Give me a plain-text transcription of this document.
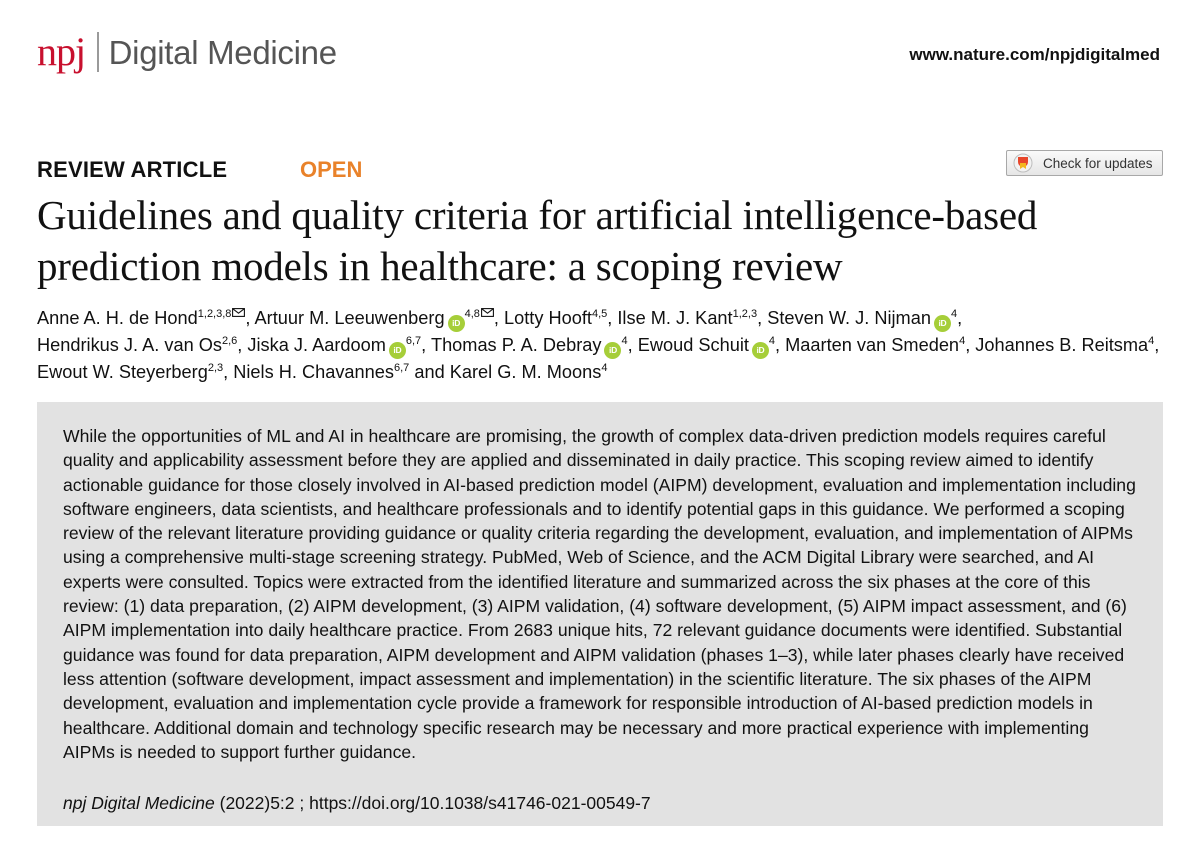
npj Digital Medicine	www.nature.com/npjdigitalmed
REVIEW ARTICLE	OPEN	Check for updates
Guidelines and quality criteria for artificial intelligence-based
prediction models in healthcare: a scoping review
Anne A. H. de Hond$^{1,2,3,8}$ , Artuur M. Leeuwenberg iD$^{4,8}$ , Lotty Hooft$^{4,5}$, Ilse M. J. Kant$^{1,2,3}$, Steven W. J. Nijman $iD^4$, Hendrikus J. A. van Os$^{2,6}$, Jiska J. Aardoom iD$^{6,7}$, Thomas P. A. Debray $iD^4$, Ewoud Schuit $iD^4$, Maarten van Smeden$^4$, Johannes B. Reitsma$^4$, Ewout W. Steyerberg$^{2,3}$, Niels H. Chavannes$^{6,7}$ and Karel G. M. Moons$^4$

While the opportunities of ML and AI in healthcare are promising, the growth of complex data-driven prediction models requires careful quality and applicability assessment before they are applied and disseminated in daily practice. This scoping review aimed to identify actionable guidance for those closely involved in AI-based prediction model (AIPM) development, evaluation and implementation including software engineers, data scientists, and healthcare professionals and to identify potential gaps in this guidance. We performed a scoping review of the relevant literature providing guidance or quality criteria regarding the development, evaluation, and implementation of AIPMs using a comprehensive multi-stage screening strategy. PubMed, Web of Science, and the ACM Digital Library were searched, and AI experts were consulted. Topics were extracted from the identified literature and summarized across the six phases at the core of this review: (1) data preparation, (2) AIPM development, (3) AIPM validation, (4) software development, (5) AIPM impact assessment, and (6) AIPM implementation into daily healthcare practice. From 2683 unique hits, 72 relevant guidance documents were identified. Substantial guidance was found for data preparation, AIPM development and AIPM validation (phases 1–3), while later phases clearly have received less attention (software development, impact assessment and implementation) in the scientific literature. The six phases of the AIPM development, evaluation and implementation cycle provide a framework for responsible introduction of AI-based prediction models in healthcare. Additional domain and technology specific research may be necessary and more practical experience with implementing AIPMs is needed to support further guidance.

npj Digital Medicine (2022)5:2 ; https://doi.org/10.1038/s41746-021-00549-7
